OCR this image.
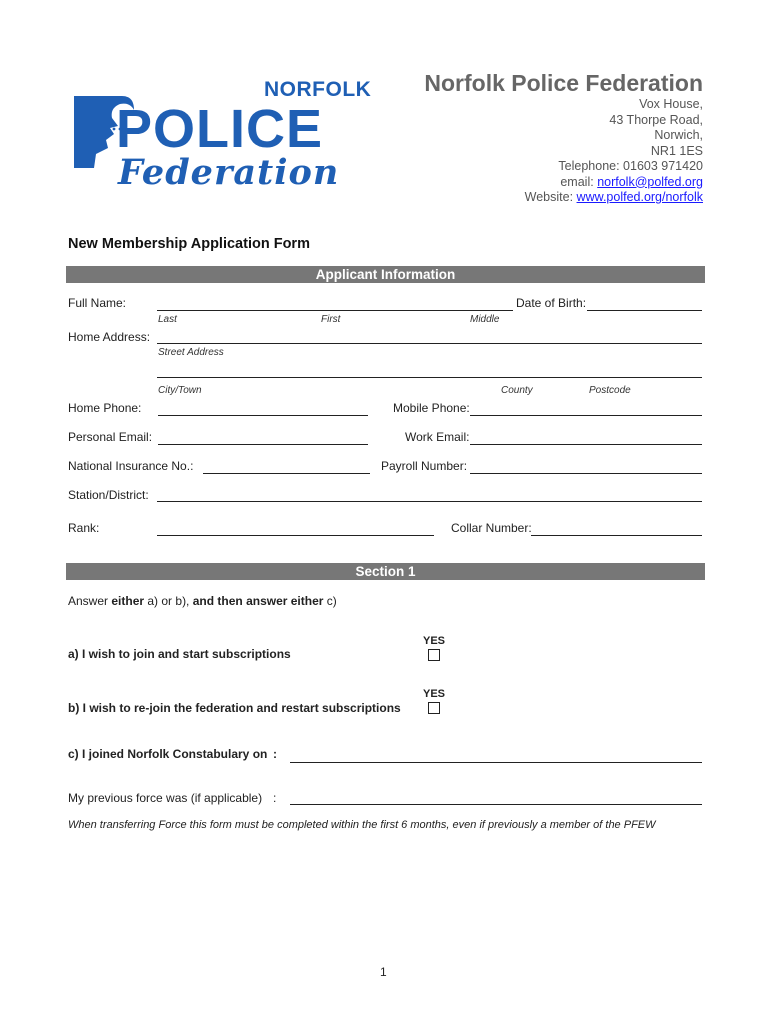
NORFOLK
POLICE
Federation
Norfolk Police Federation
Vox House,
43 Thorpe Road,
Norwich,
NR1 1ES
Telephone: 01603 971420
email: norfolk@polfed.org
Website: www.polfed.org/norfolk
New Membership Application Form
Applicant Information
Full Name:	Date of Birth:
Last	First	Middle
Home Address:
Street Address
City/Town	County	Postcode
Home Phone:	Mobile Phone:
Personal Email:	Work Email:
National Insurance No.:	Payroll Number:
Station/District:
Rank:	Collar Number:
Section 1
Answer either a) or b), and then answer either c)
YES
a) I wish to join and start subscriptions
YES
b) I wish to re-join the federation and restart subscriptions
c) I joined Norfolk Constabulary on :
My previous force was (if applicable) :
When transferring Force this form must be completed within the first 6 months, even if previously a member of the PFEW
1
